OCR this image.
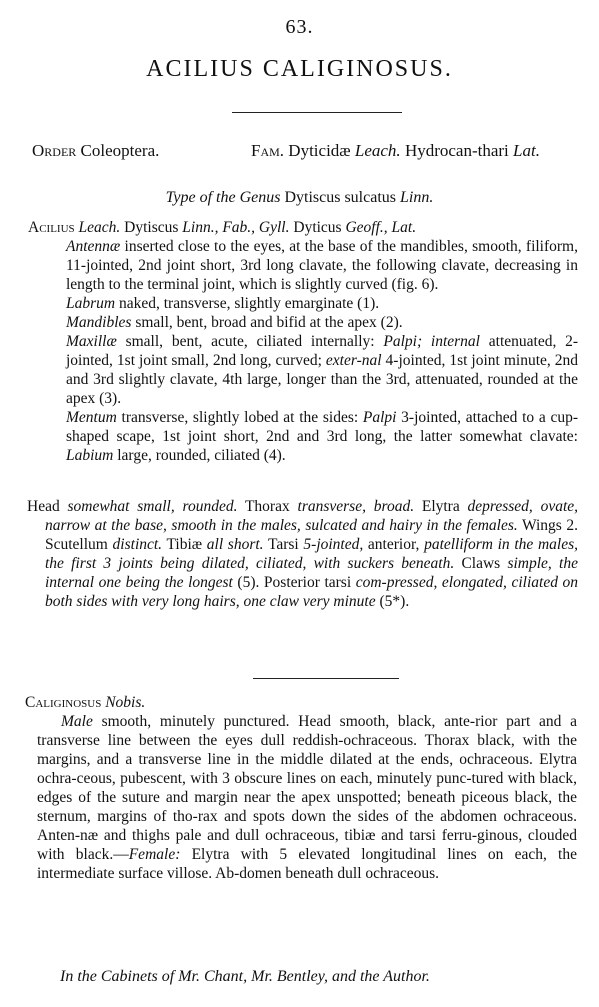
63.
ACILIUS CALIGINOSUS.
Order Coleoptera.	Fam. Dyticidæ Leach. Hydrocan-thari Lat.
Type of the Genus Dytiscus sulcatus Linn.
Acilius Leach. Dytiscus Linn., Fab., Gyll. Dyticus Geoff., Lat.
Antennæ inserted close to the eyes, at the base of the mandibles, smooth, filiform, 11-jointed, 2nd joint short, 3rd long clavate, the following clavate, decreasing in length to the terminal joint, which is slightly curved (fig. 6).
Labrum naked, transverse, slightly emarginate (1).
Mandibles small, bent, broad and bifid at the apex (2).
Maxillæ small, bent, acute, ciliated internally: Palpi; internal attenuated, 2-jointed, 1st joint small, 2nd long, curved; exter-nal 4-jointed, 1st joint minute, 2nd and 3rd slightly clavate, 4th large, longer than the 3rd, attenuated, rounded at the apex (3).
Mentum transverse, slightly lobed at the sides: Palpi 3-jointed, attached to a cup-shaped scape, 1st joint short, 2nd and 3rd long, the latter somewhat clavate: Labium large, rounded, ciliated (4).

Head somewhat small, rounded. Thorax transverse, broad. Elytra depressed, ovate, narrow at the base, smooth in the males, sulcated and hairy in the females. Wings 2. Scutellum distinct. Tibiæ all short. Tarsi 5-jointed, anterior, patelliform in the males, the first 3 joints being dilated, ciliated, with suckers beneath. Claws simple, the internal one being the longest (5). Posterior tarsi com-pressed, elongated, ciliated on both sides with very long hairs, one claw very minute (5*).

Caliginosus Nobis.

Male smooth, minutely punctured. Head smooth, black, ante-rior part and a transverse line between the eyes dull reddish-ochraceous. Thorax black, with the margins, and a transverse line in the middle dilated at the ends, ochraceous. Elytra ochra-ceous, pubescent, with 3 obscure lines on each, minutely punc-tured with black, edges of the suture and margin near the apex unspotted; beneath piceous black, the sternum, margins of tho-rax and spots down the sides of the abdomen ochraceous. Anten-næ and thighs pale and dull ochraceous, tibiæ and tarsi ferru-ginous, clouded with black.—Female: Elytra with 5 elevated longitudinal lines on each, the intermediate surface villose. Ab-domen beneath dull ochraceous.

In the Cabinets of Mr. Chant, Mr. Bentley, and the Author.
